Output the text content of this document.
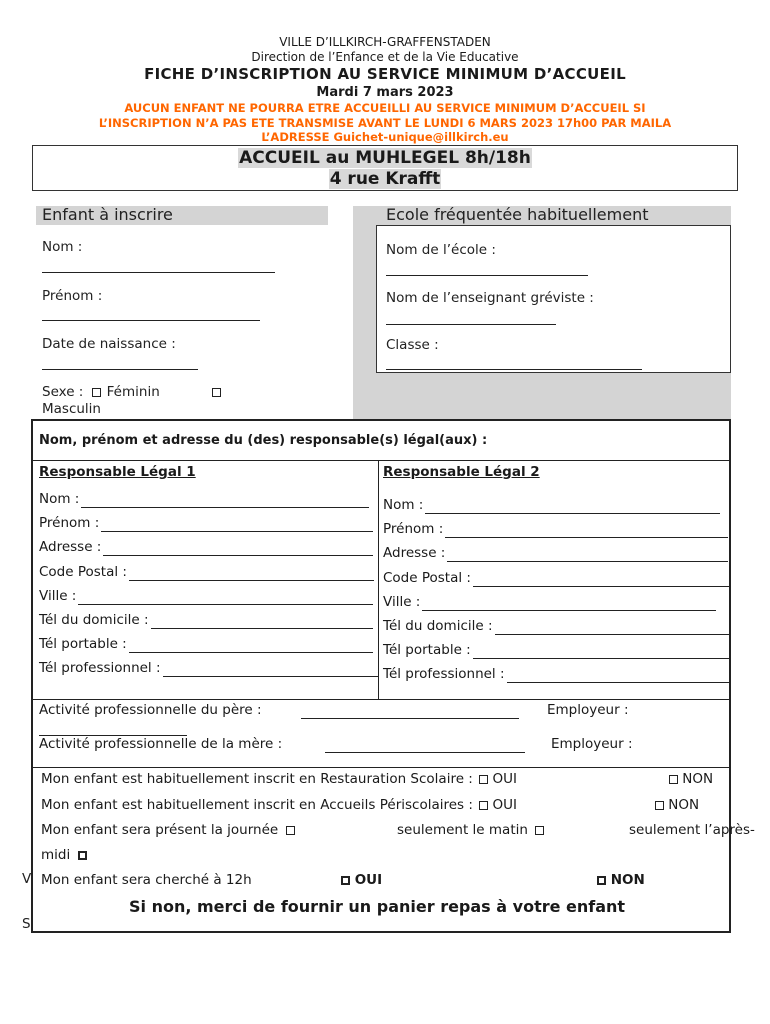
VILLE D’ILLKIRCH-GRAFFENSTADEN
Direction de l’Enfance et de la Vie Educative
FICHE D’INSCRIPTION AU SERVICE MINIMUM D’ACCUEIL
Mardi 7 mars 2023
AUCUN ENFANT NE POURRA ETRE ACCUEILLI AU SERVICE MINIMUM D’ACCUEIL SI
L’INSCRIPTION N’A PAS ETE TRANSMISE AVANT LE LUNDI 6 MARS 2023 17h00 PAR MAILA
L’ADRESSE Guichet-unique@illkirch.eu
ACCUEIL au MUHLEGEL 8h/18h
4 rue Krafft
Enfant à inscrire
Nom :
Prénom :
Date de naissance :
Sexe : Féminin
Masculin
Ecole fréquentée habituellement
Nom de l’école :
Nom de l’enseignant gréviste :
Classe :
V
S
Nom, prénom et adresse du (des) responsable(s) légal(aux) :
Responsable Légal 1	Responsable Légal 2
Nom :
Prénom :
Adresse :
Code Postal :
Ville :
Tél du domicile :
Tél portable :
Tél professionnel :
Nom :
Prénom :
Adresse :
Code Postal :
Ville :
Tél du domicile :
Tél portable :
Tél professionnel :
Activité professionnelle du père :	Employeur :
Activité professionnelle de la mère :	Employeur :
Mon enfant est habituellement inscrit en Restauration Scolaire : OUI	NON
Mon enfant est habituellement inscrit en Accueils Périscolaires : OUI	NON
Mon enfant sera présent la journée	seulement le matin	seulement l’après-
midi
Mon enfant sera cherché à 12h	OUI	NON
Si non, merci de fournir un panier repas à votre enfant
